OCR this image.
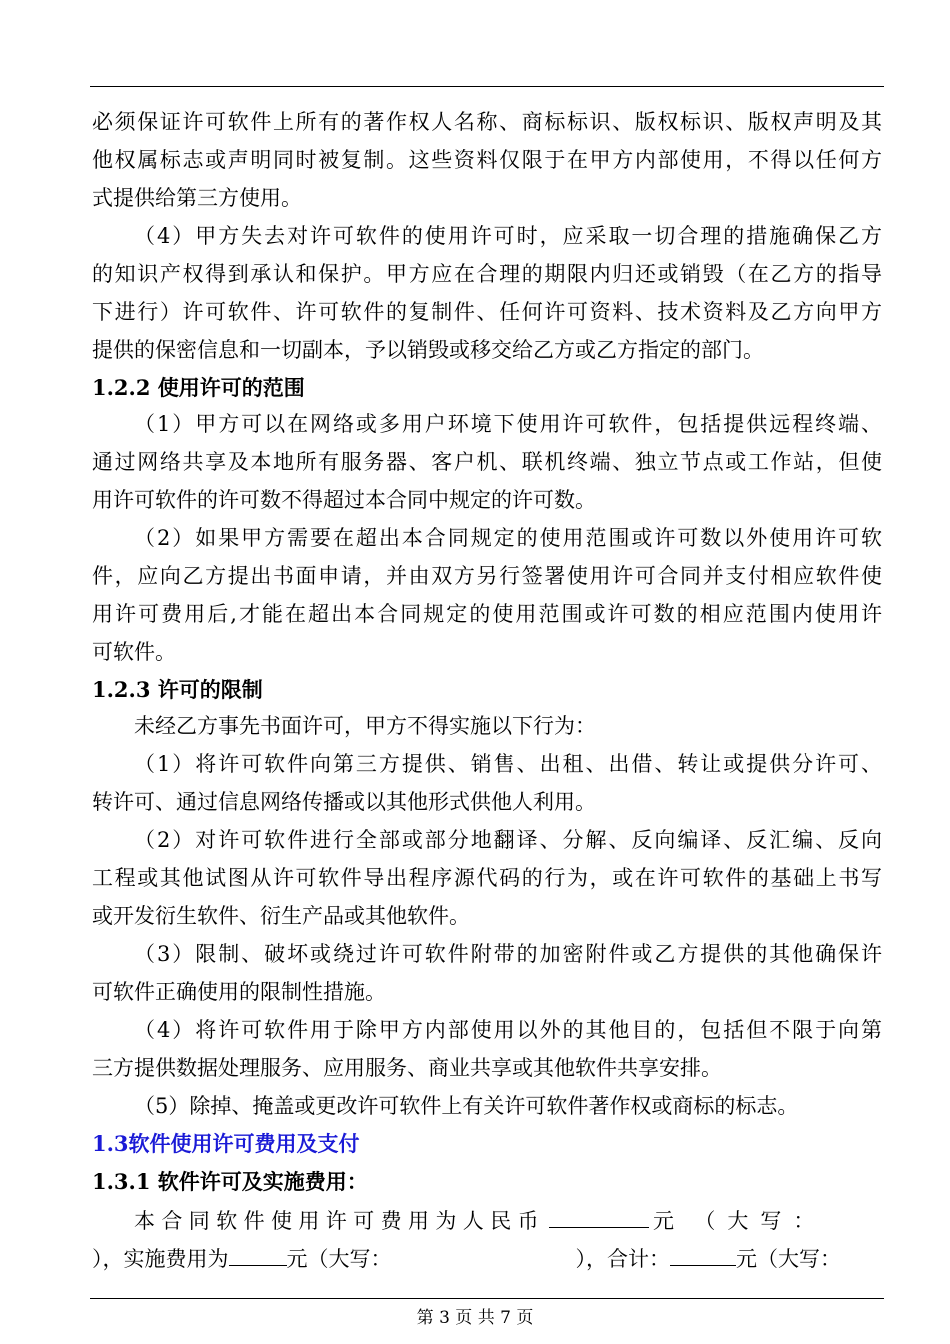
必须保证许可软件上所有的著作权人名称、商标标识、版权标识、版权声明及其
他权属标志或声明同时被复制。这些资料仅限于在甲方内部使用，不得以任何方
式提供给第三方使用。
（4）甲方失去对许可软件的使用许可时，应采取一切合理的措施确保乙方
的知识产权得到承认和保护。甲方应在合理的期限内归还或销毁（在乙方的指导
下进行）许可软件、许可软件的复制件、任何许可资料、技术资料及乙方向甲方
提供的保密信息和一切副本，予以销毁或移交给乙方或乙方指定的部门。
1.2.2 使用许可的范围
（1）甲方可以在网络或多用户环境下使用许可软件，包括提供远程终端、
通过网络共享及本地所有服务器、客户机、联机终端、独立节点或工作站，但使
用许可软件的许可数不得超过本合同中规定的许可数。
（2）如果甲方需要在超出本合同规定的使用范围或许可数以外使用许可软
件，应向乙方提出书面申请，并由双方另行签署使用许可合同并支付相应软件使
用许可费用后,才能在超出本合同规定的使用范围或许可数的相应范围内使用许
可软件。
1.2.3 许可的限制
未经乙方事先书面许可，甲方不得实施以下行为：
（1）将许可软件向第三方提供、销售、出租、出借、转让或提供分许可、
转许可、通过信息网络传播或以其他形式供他人利用。
（2）对许可软件进行全部或部分地翻译、分解、反向编译、反汇编、反向
工程或其他试图从许可软件导出程序源代码的行为，或在许可软件的基础上书写
或开发衍生软件、衍生产品或其他软件。
（3）限制、破坏或绕过许可软件附带的加密附件或乙方提供的其他确保许
可软件正确使用的限制性措施。
（4）将许可软件用于除甲方内部使用以外的其他目的，包括但不限于向第
三方提供数据处理服务、应用服务、商业共享或其他软件共享安排。
（5）除掉、掩盖或更改许可软件上有关许可软件著作权或商标的标志。
1.3软件使用许可费用及支付
1.3.1 软件许可及实施费用：
本合同软件使用许可费用为人民币	元 （大写：
），实施费用为	元（大写：	），合计：	元（大写：
第 3 页 共 7 页
